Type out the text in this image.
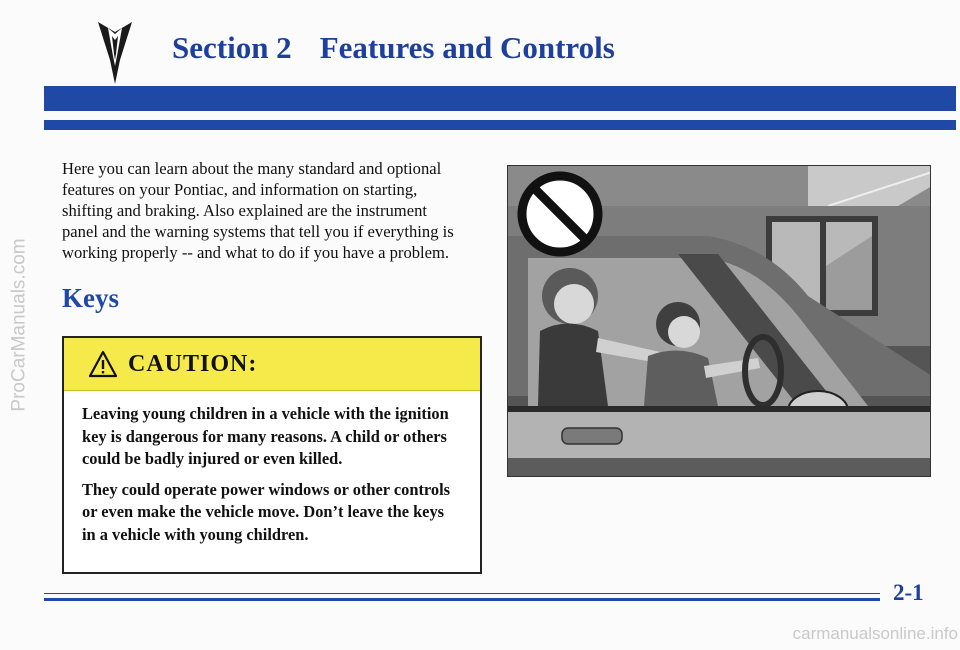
ProCarManuals.com
Section 2 Features and Controls

Here you can learn about the many standard and optional features on your Pontiac, and information on starting, shifting and braking. Also explained are the instrument panel and the warning systems that tell you if everything is working properly -- and what to do if you have a problem.

Keys
CAUTION:

Leaving young children in a vehicle with the ignition key is dangerous for many reasons. A child or others could be badly injured or even killed.

They could operate power windows or other controls or even make the vehicle move. Don’t leave the keys in a vehicle with young children.

2-1
carmanualsonline.info
